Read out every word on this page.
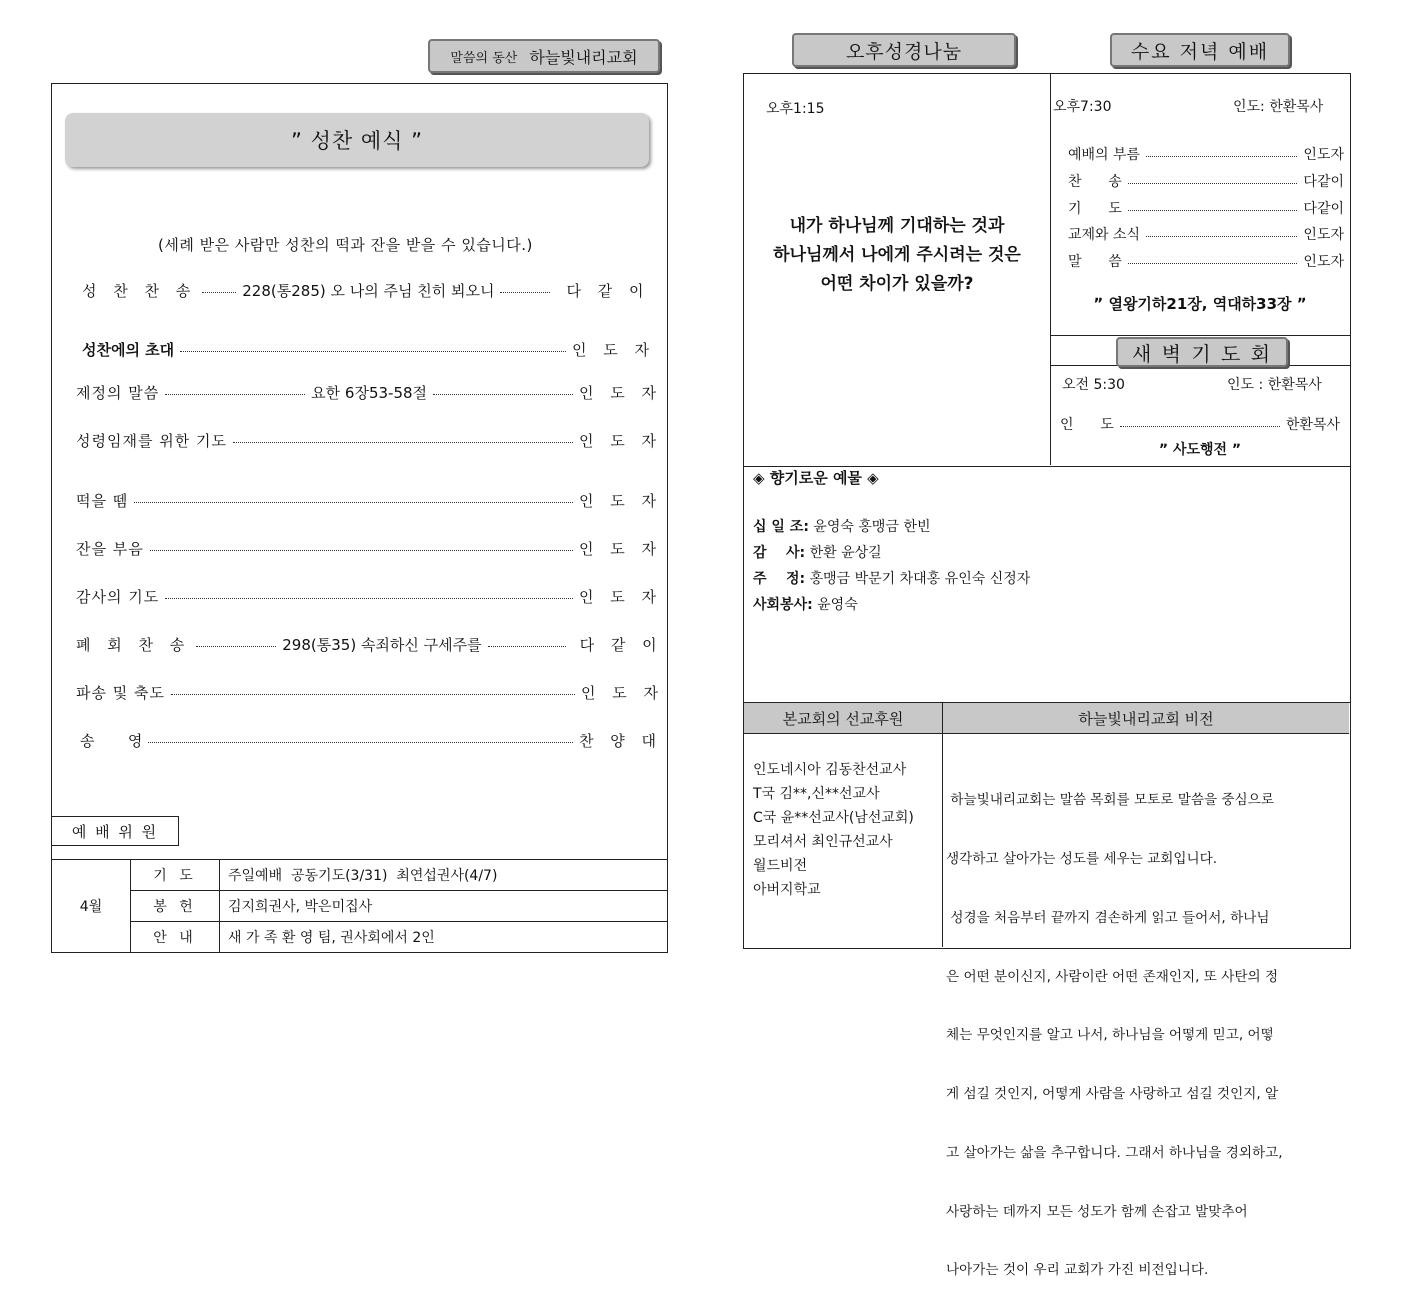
말씀의 동산 하늘빛내리교회
ˮ 성찬 예식 ˮ
(세례 받은 사람만 성찬의 떡과 잔을 받을 수 있습니다.)
성 찬 찬 송	228(통285) 오 나의 주님 친히 뵈오니	다 같 이
성찬에의 초대	인 도 자
제정의 말씀	요한 6장53-58절	인 도 자
성령임재를 위한 기도	인 도 자
떡을 뗌	인 도 자
잔을 부음	인 도 자
감사의 기도	인 도 자
폐 회 찬 송	298(통35) 속죄하신 구세주를	다 같 이
파송 및 축도	인 도 자
송       영	찬 양 대
예 배 위 원
4월	기 도	주일예배  공동기도(3/31)  최연섭권사(4/7)
	봉 헌	김지희권사, 박은미집사
	안 내	새 가 족 환 영 팀, 권사회에서 2인
오후성경나눔	수요 저녁 예배
오후1:15
내가 하나님께 기대하는 것과
하나님께서 나에게 주시려는 것은
어떤 차이가 있을까?
오후7:30	인도: 한환목사
예배의 부름	인도자
찬      송	다같이
기      도	다같이
교제와 소식	인도자
말      씀	인도자
ˮ 열왕기하21장, 역대하33장 ˮ
새 벽 기 도 회
오전 5:30	인도 : 한환목사
인      도	한환목사
ˮ 사도행전 ˮ
◈ 향기로운 예물 ◈
십 일 조: 윤영숙 홍맹금 한빈
감    사: 한환 윤상길
주    정: 홍맹금 박문기 차대홍 유인숙 신정자
사회봉사: 윤영숙
본교회의 선교후원	하늘빛내리교회 비전
인도네시아 김동찬선교사
T국 김**,신**선교사
C국 윤**선교사(남선교회)
모리셔서 최인규선교사
월드비전
아버지학교

하늘빛내리교회는 말씀 목회를 모토로 말씀을 중심으로

생각하고 살아가는 성도를 세우는 교회입니다.

성경을 처음부터 끝까지 겸손하게 읽고 들어서, 하나님

은 어떤 분이신지, 사람이란 어떤 존재인지, 또 사탄의 정

체는 무엇인지를 알고 나서, 하나님을 어떻게 믿고, 어떻

게 섬길 것인지, 어떻게 사람을 사랑하고 섬길 것인지, 알

고 살아가는 삶을 추구합니다. 그래서 하나님을 경외하고,

사랑하는 데까지 모든 성도가 함께 손잡고 발맞추어

나아가는 것이 우리 교회가 가진 비전입니다.
